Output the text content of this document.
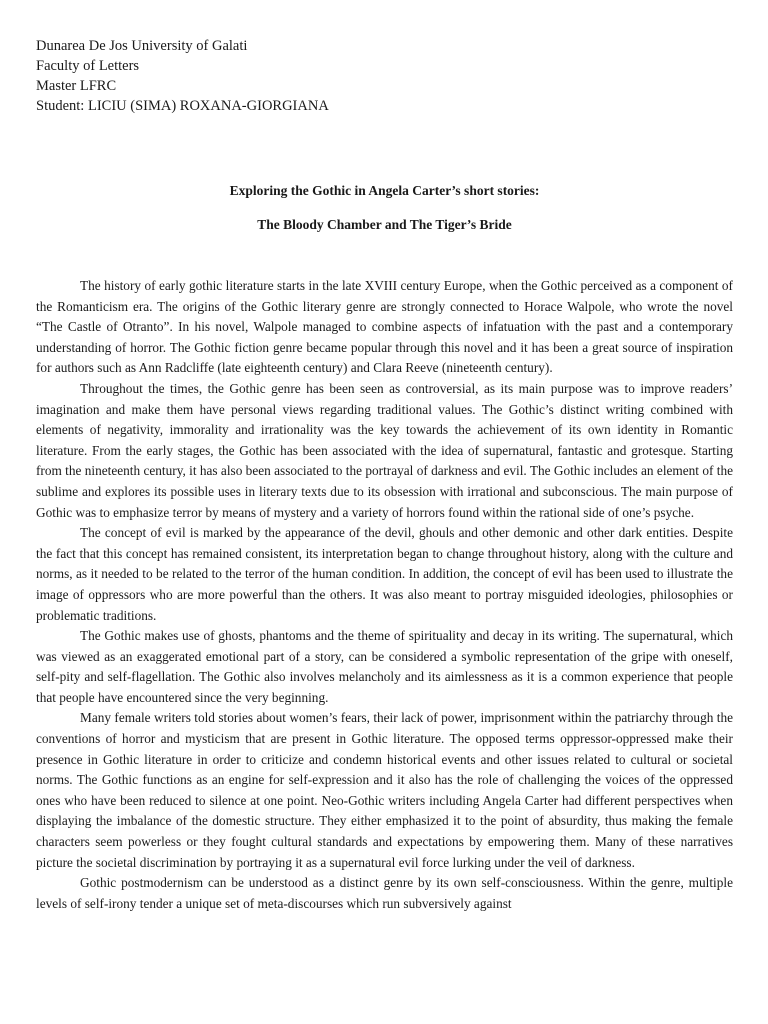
Dunarea De Jos University of Galati
Faculty of Letters
Master LFRC
Student: LICIU (SIMA) ROXANA-GIORGIANA

Exploring the Gothic in Angela Carter’s short stories:

The Bloody Chamber and The Tiger’s Bride

The history of early gothic literature starts in the late XVIII century Europe, when the Gothic perceived as a component of the Romanticism era. The origins of the Gothic literary genre are strongly connected to Horace Walpole, who wrote the novel “The Castle of Otranto”. In his novel, Walpole managed to combine aspects of infatuation with the past and a contemporary understanding of horror. The Gothic fiction genre became popular through this novel and it has been a great source of inspiration for authors such as Ann Radcliffe (late eighteenth century) and Clara Reeve (nineteenth century).

Throughout the times, the Gothic genre has been seen as controversial, as its main purpose was to improve readers’ imagination and make them have personal views regarding traditional values. The Gothic’s distinct writing combined with elements of negativity, immorality and irrationality was the key towards the achievement of its own identity in Romantic literature. From the early stages, the Gothic has been associated with the idea of supernatural, fantastic and grotesque. Starting from the nineteenth century, it has also been associated to the portrayal of darkness and evil. The Gothic includes an element of the sublime and explores its possible uses in literary texts due to its obsession with irrational and subconscious. The main purpose of Gothic was to emphasize terror by means of mystery and a variety of horrors found within the rational side of one’s psyche.

The concept of evil is marked by the appearance of the devil, ghouls and other demonic and other dark entities. Despite the fact that this concept has remained consistent, its interpretation began to change throughout history, along with the culture and norms, as it needed to be related to the terror of the human condition. In addition, the concept of evil has been used to illustrate the image of oppressors who are more powerful than the others. It was also meant to portray misguided ideologies, philosophies or problematic traditions.

The Gothic makes use of ghosts, phantoms and the theme of spirituality and decay in its writing. The supernatural, which was viewed as an exaggerated emotional part of a story, can be considered a symbolic representation of the gripe with oneself, self-pity and self-flagellation. The Gothic also involves melancholy and its aimlessness as it is a common experience that people that people have encountered since the very beginning.

Many female writers told stories about women’s fears, their lack of power, imprisonment within the patriarchy through the conventions of horror and mysticism that are present in Gothic literature. The opposed terms oppressor-oppressed make their presence in Gothic literature in order to criticize and condemn historical events and other issues related to cultural or societal norms. The Gothic functions as an engine for self-expression and it also has the role of challenging the voices of the oppressed ones who have been reduced to silence at one point. Neo-Gothic writers including Angela Carter had different perspectives when displaying the imbalance of the domestic structure. They either emphasized it to the point of absurdity, thus making the female characters seem powerless or they fought cultural standards and expectations by empowering them. Many of these narratives picture the societal discrimination by portraying it as a supernatural evil force lurking under the veil of darkness.

Gothic postmodernism can be understood as a distinct genre by its own self-consciousness. Within the genre, multiple levels of self-irony tender a unique set of meta-discourses which run subversively against
